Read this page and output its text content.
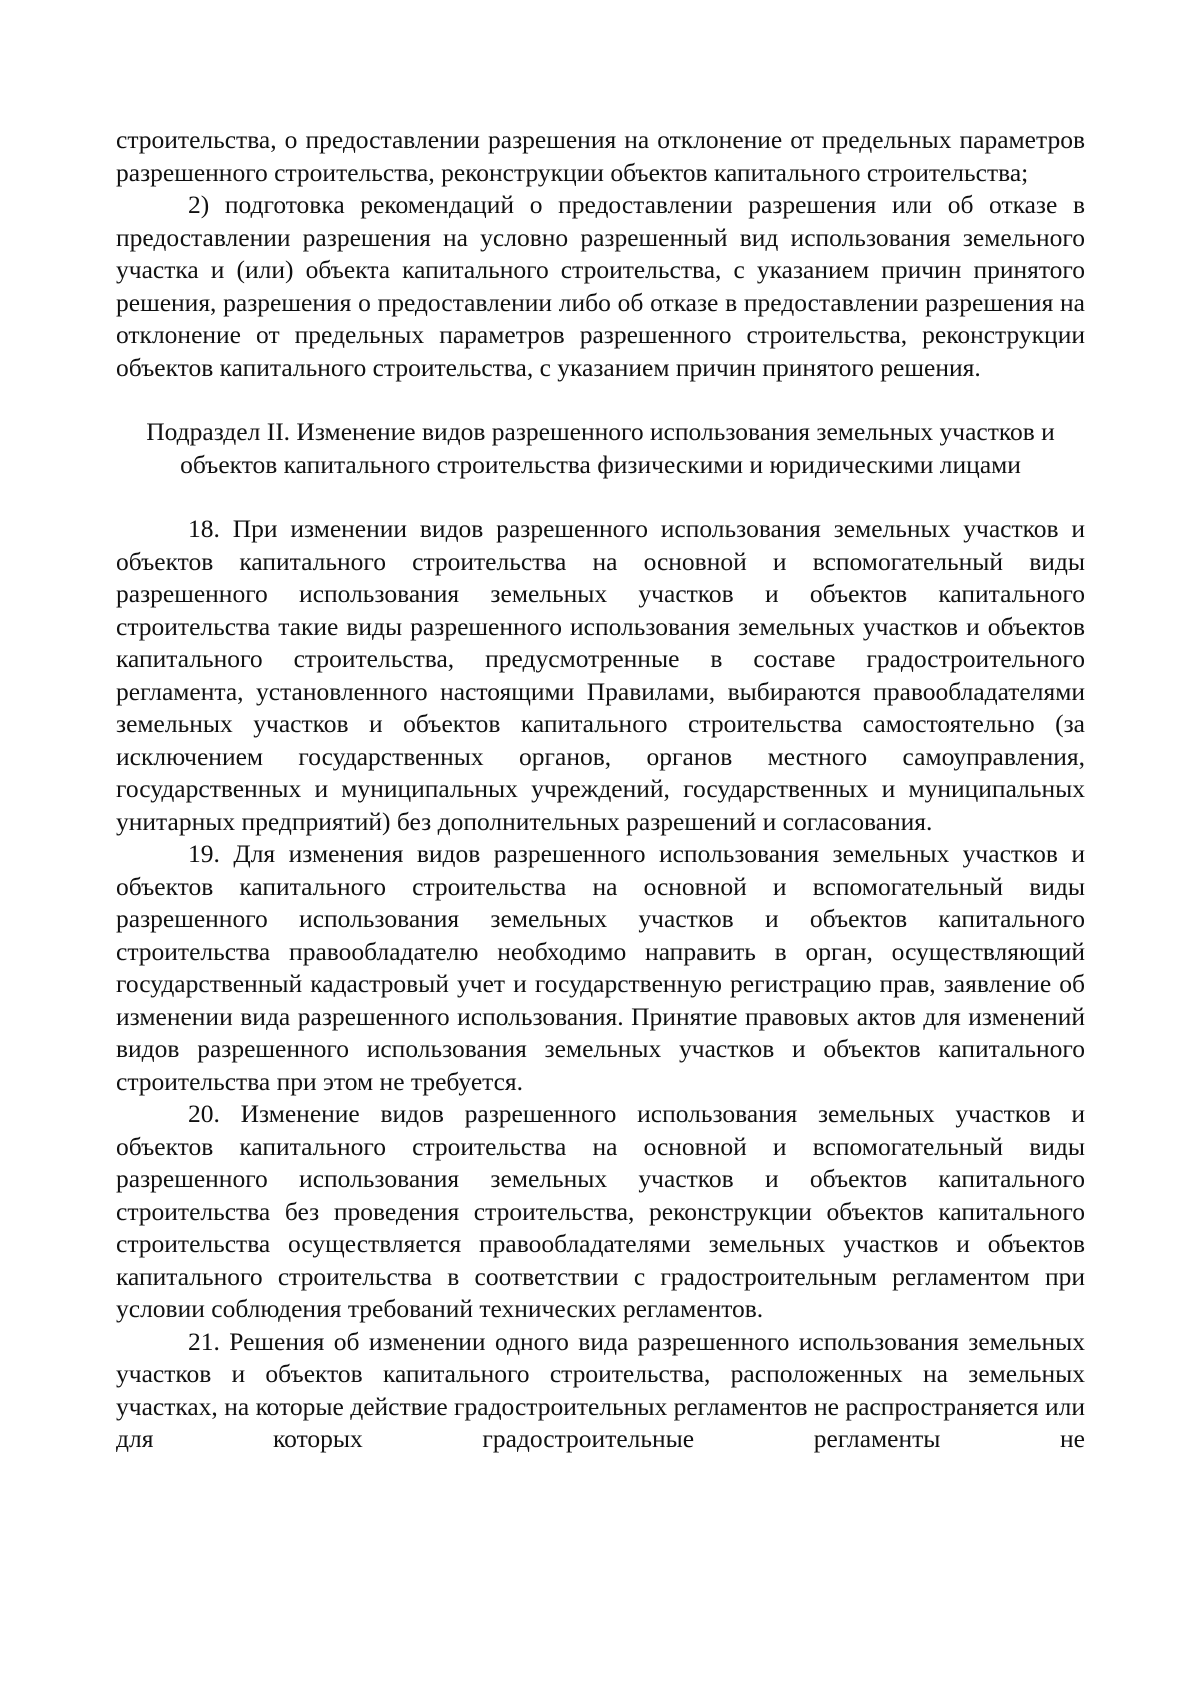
строительства, о предоставлении разрешения на отклонение от предельных параметров разрешенного строительства, реконструкции объектов капитального строительства;

2) подготовка рекомендаций о предоставлении разрешения или об отказе в предоставлении разрешения на условно разрешенный вид использования земельного участка и (или) объекта капитального строительства, с указанием причин принятого решения, разрешения о предоставлении либо об отказе в предоставлении разрешения на отклонение от предельных параметров разрешенного строительства, реконструкции объектов капитального строительства, с указанием причин принятого решения.

Подраздел II. Изменение видов разрешенного использования земельных участков и
объектов капитального строительства физическими и юридическими лицами

18. При изменении видов разрешенного использования земельных участков и объектов капитального строительства на основной и вспомогательный виды разрешенного использования земельных участков и объектов капитального строительства такие виды разрешенного использования земельных участков и объектов капитального строительства, предусмотренные в составе градостроительного регламента, установленного настоящими Правилами, выбираются правообладателями земельных участков и объектов капитального строительства самостоятельно (за исключением государственных органов, органов местного самоуправления, государственных и муниципальных учреждений, государственных и муниципальных унитарных предприятий) без дополнительных разрешений и согласования.

19. Для изменения видов разрешенного использования земельных участков и объектов капитального строительства на основной и вспомогательный виды разрешенного использования земельных участков и объектов капитального строительства правообладателю необходимо направить в орган, осуществляющий государственный кадастровый учет и государственную регистрацию прав, заявление об изменении вида разрешенного использования. Принятие правовых актов для изменений видов разрешенного использования земельных участков и объектов капитального строительства при этом не требуется.

20. Изменение видов разрешенного использования земельных участков и объектов капитального строительства на основной и вспомогательный виды разрешенного использования земельных участков и объектов капитального строительства без проведения строительства, реконструкции объектов капитального строительства осуществляется правообладателями земельных участков и объектов капитального строительства в соответствии с градостроительным регламентом при условии соблюдения требований технических регламентов.

21. Решения об изменении одного вида разрешенного использования земельных участков и объектов капитального строительства, расположенных на земельных участках, на которые действие градостроительных регламентов не распространяется или для которых градостроительные регламенты не
